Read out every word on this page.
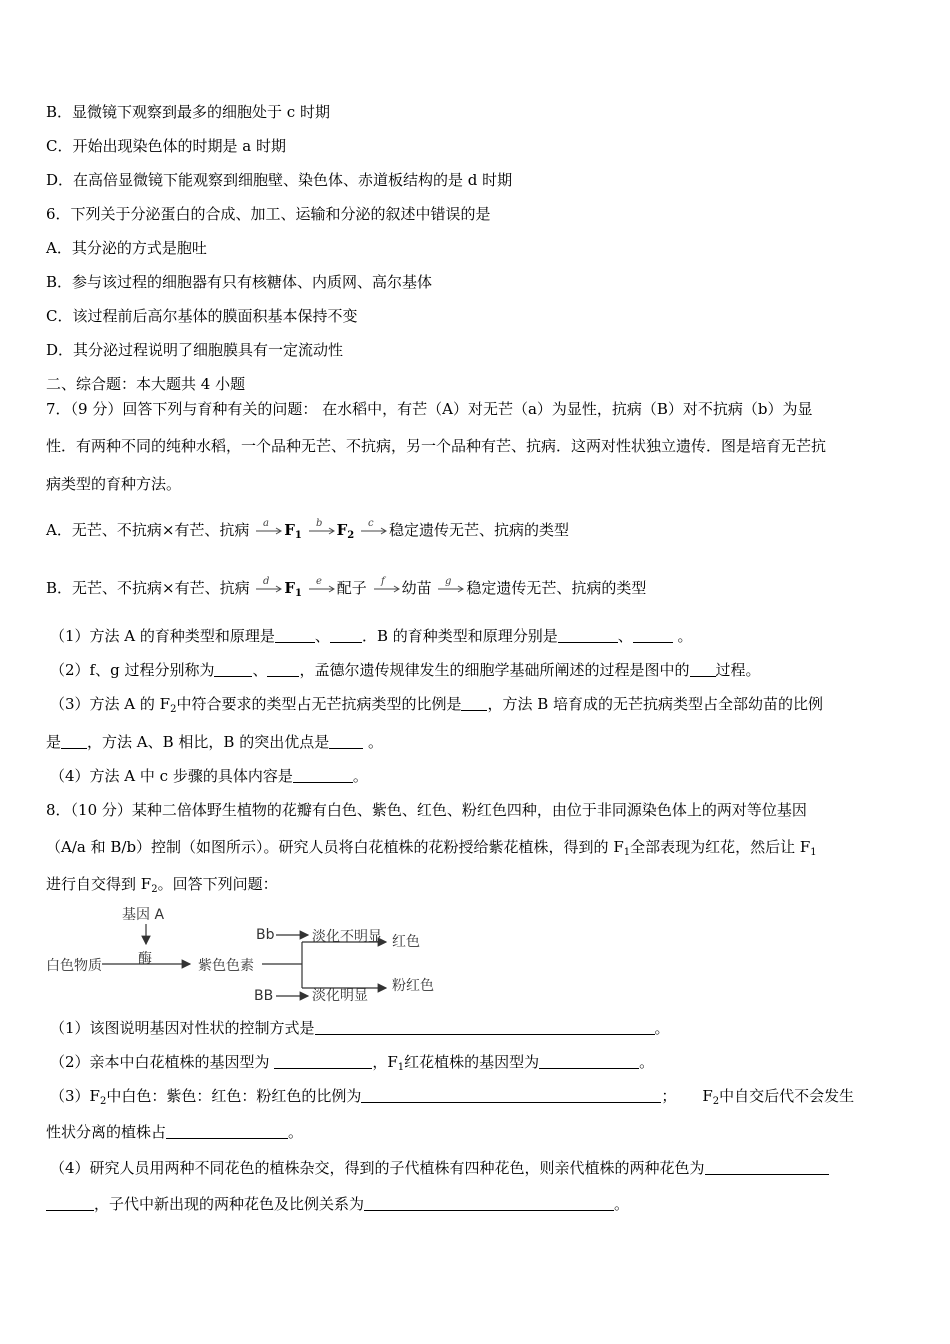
B．显微镜下观察到最多的细胞处于 c 时期
C．开始出现染色体的时期是 a 时期
D．在高倍显微镜下能观察到细胞壁、染色体、赤道板结构的是 d 时期
6．下列关于分泌蛋白的合成、加工、运输和分泌的叙述中错误的是
A．其分泌的方式是胞吐
B．参与该过程的细胞器有只有核糖体、内质网、高尔基体
C．该过程前后高尔基体的膜面积基本保持不变
D．其分泌过程说明了细胞膜具有一定流动性
二、综合题：本大题共 4 小题
7．（9 分）回答下列与育种有关的问题： 在水稻中，有芒（A）对无芒（a）为显性，抗病（B）对不抗病（b）为显
性．有两种不同的纯种水稻，一个品种无芒、不抗病，另一个品种有芒、抗病．这两对性状独立遗传．图是培育无芒抗
病类型的育种方法。
A．无芒、不抗病×有芒、抗病 a $F_1$
b $F_2$
c 稳定遗传无芒、抗病的类型
B．无芒、不抗病×有芒、抗病 d $F_1$
e 配子 f 幼苗 g 稳定遗传无芒、抗病的类型
（1）方法 A 的育种类型和原理是	、 ．B 的育种类型和原理分别是	、	。
（2）f、g 过程分别称为	、 ，孟德尔遗传规律发生的细胞学基础所阐述的过程是图中的 过程。
（3）方法 A 的 $F_2$中符合要求的类型占无芒抗病类型的比例是 ，方法 B 培育成的无芒抗病类型占全部幼苗的比例
是 ，方法 A、B 相比，B 的突出优点是	。
（4）方法 A 中 c 步骤的具体内容是	。
8．（10 分）某种二倍体野生植物的花瓣有白色、紫色、红色、粉红色四种，由位于非同源染色体上的两对等位基因
（A/a 和 B/b）控制（如图所示）。研究人员将白花植株的花粉授给紫花植株，得到的 $F_1$全部表现为红花，然后让 $F_1$
进行自交得到 $F_2$。回答下列问题：
基因 A
酶
白色物质	紫色色素
Bb	淡化不明显 红色
BB	淡化明显
粉红色
（1）该图说明基因对性状的控制方式是	。
（2）亲本中白花植株的基因型为	，$F_1$红花植株的基因型为	。
$(3)F_2$中白色：紫色：红色：粉红色的比例为	； $F_2$中自交后代不会发生
性状分离的植株占	。
（4）研究人员用两种不同花色的植株杂交，得到的子代植株有四种花色，则亲代植株的两种花色为
，子代中新出现的两种花色及比例关系为	。
